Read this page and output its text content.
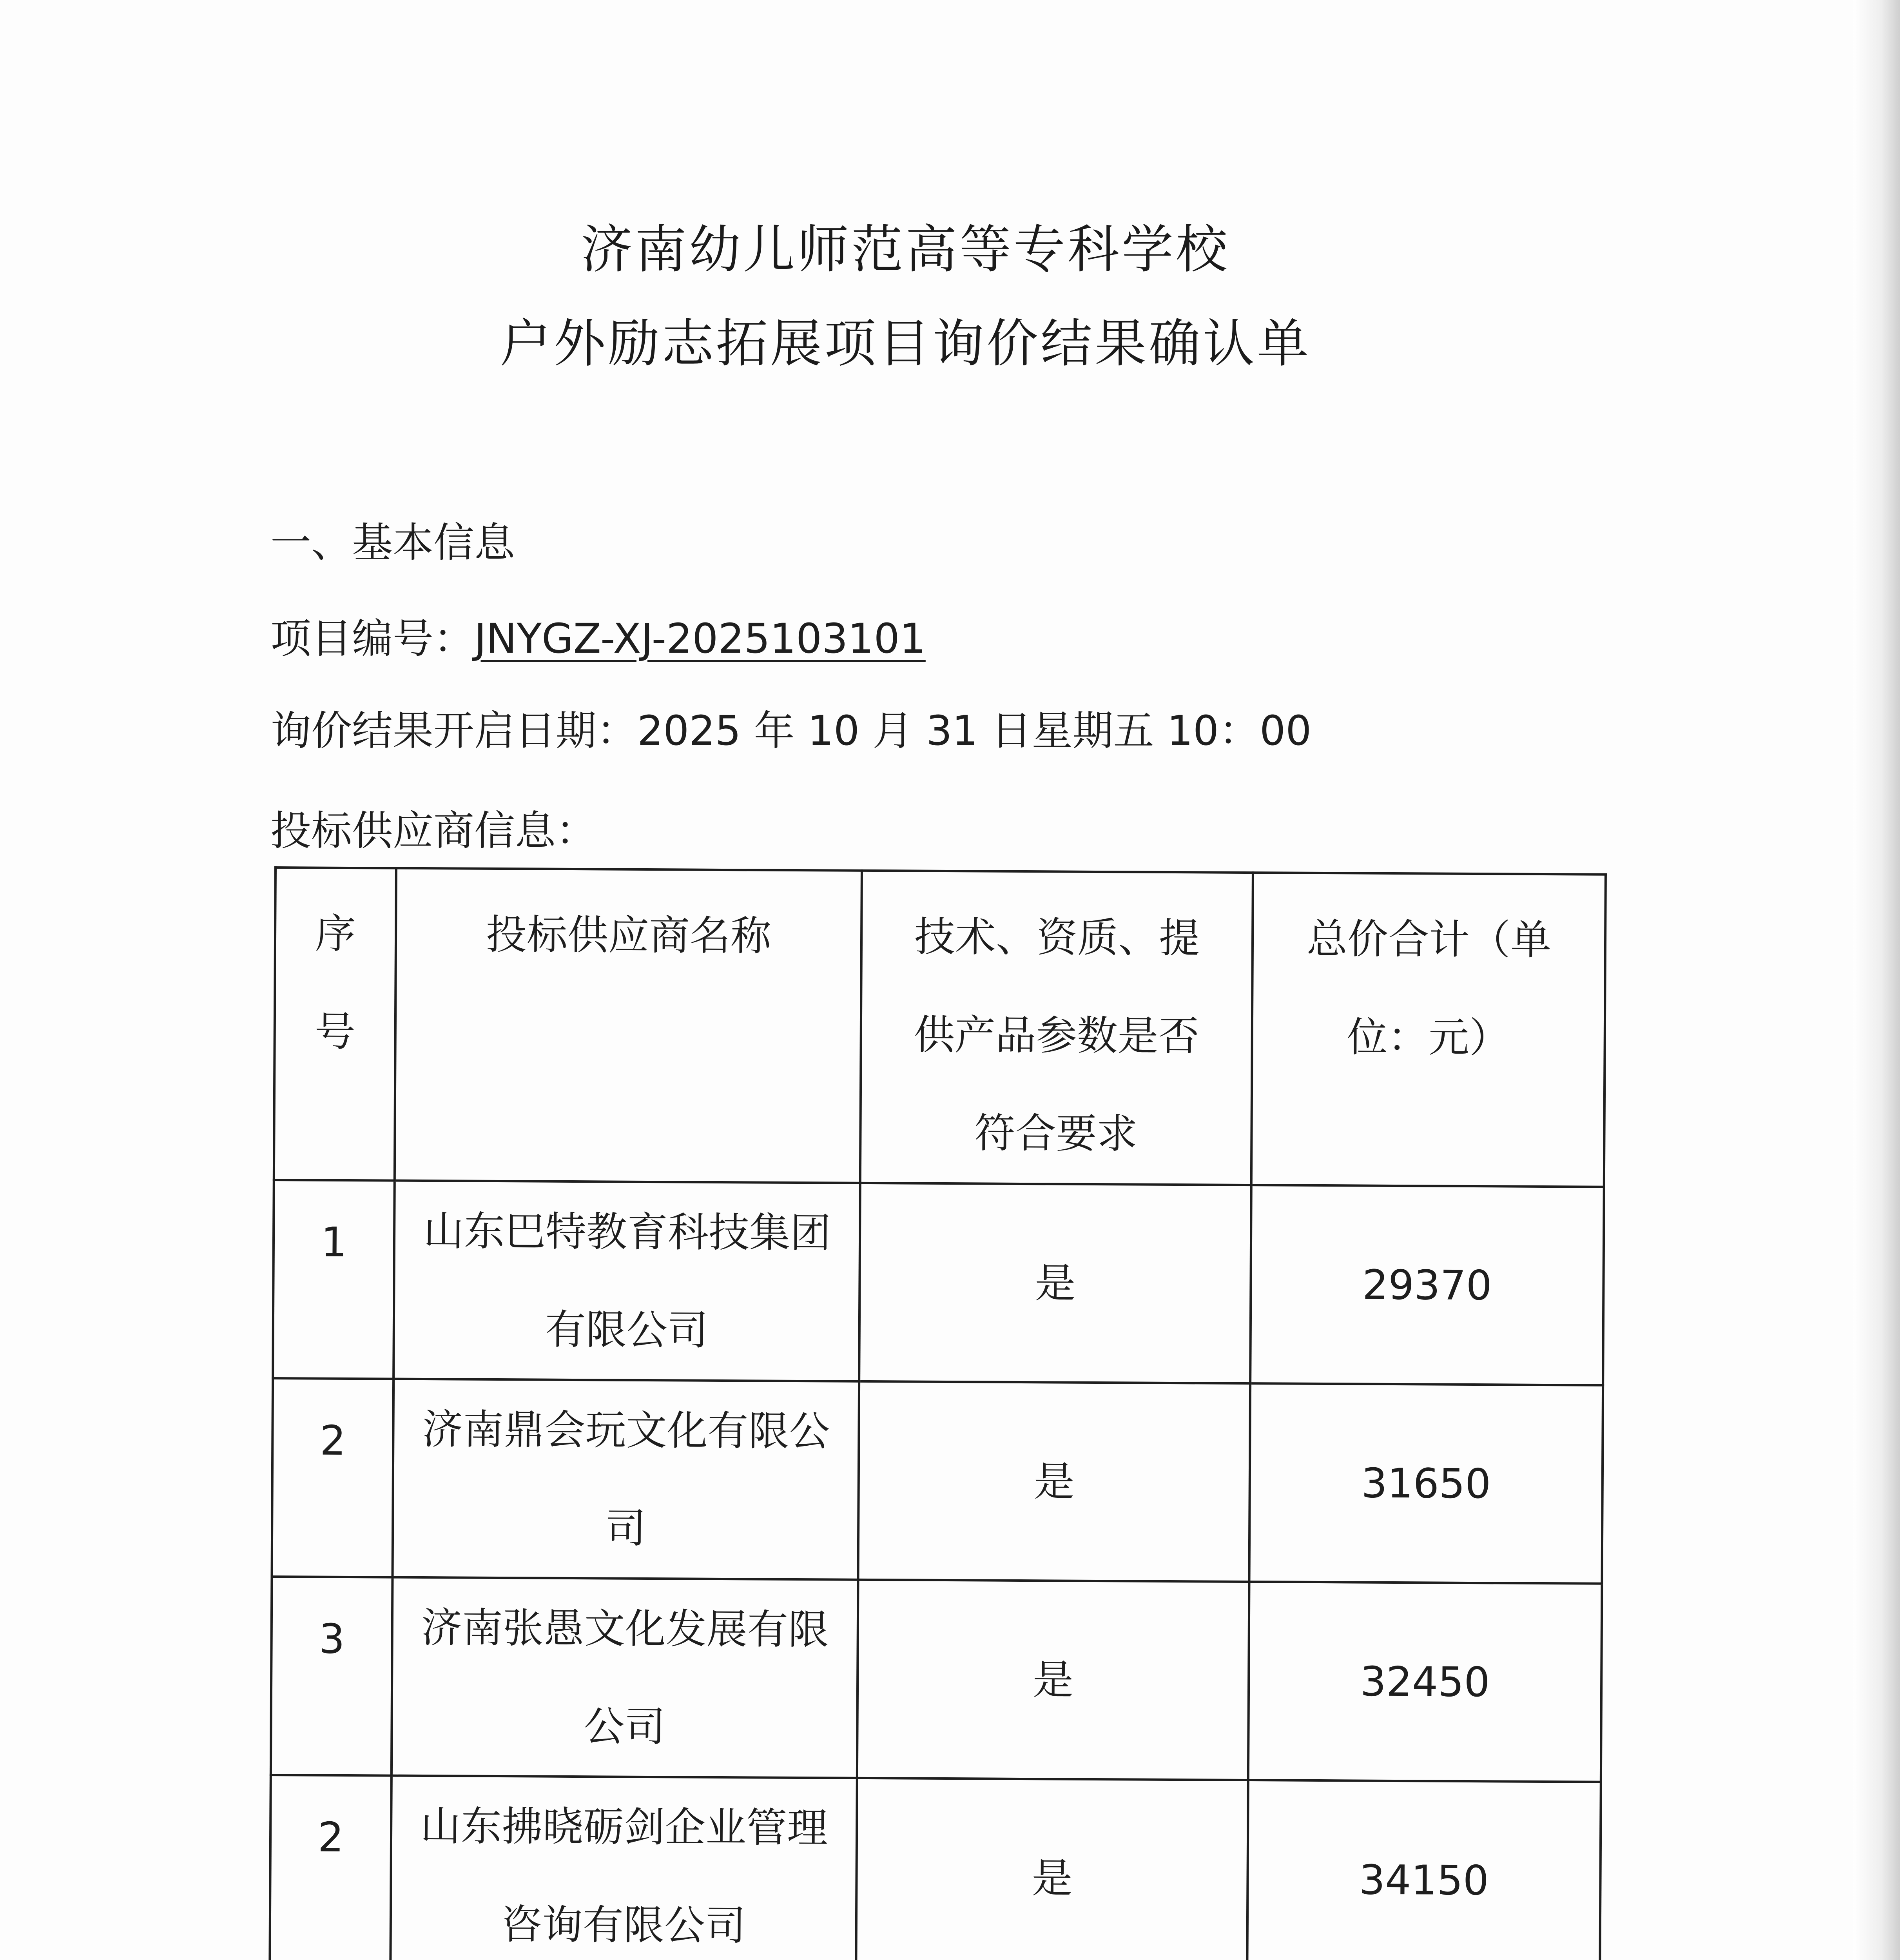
济南幼儿师范高等专科学校
户外励志拓展项目询价结果确认单
一、基本信息
项目编号：JNYGZ-XJ-2025103101
询价结果开启日期：2025 年 10 月 31 日星期五 10：00
投标供应商信息：
序号	投标供应商名称	技术、资质、提供产品参数是否符合要求	总价合计（单位：元）

1	山东巴特教育科技集团有限公司	是	29370
2	济南鼎会玩文化有限公司	是	31650
3	济南张愚文化发展有限公司	是	32450
2	山东拂晓砺剑企业管理咨询有限公司	是	34150
